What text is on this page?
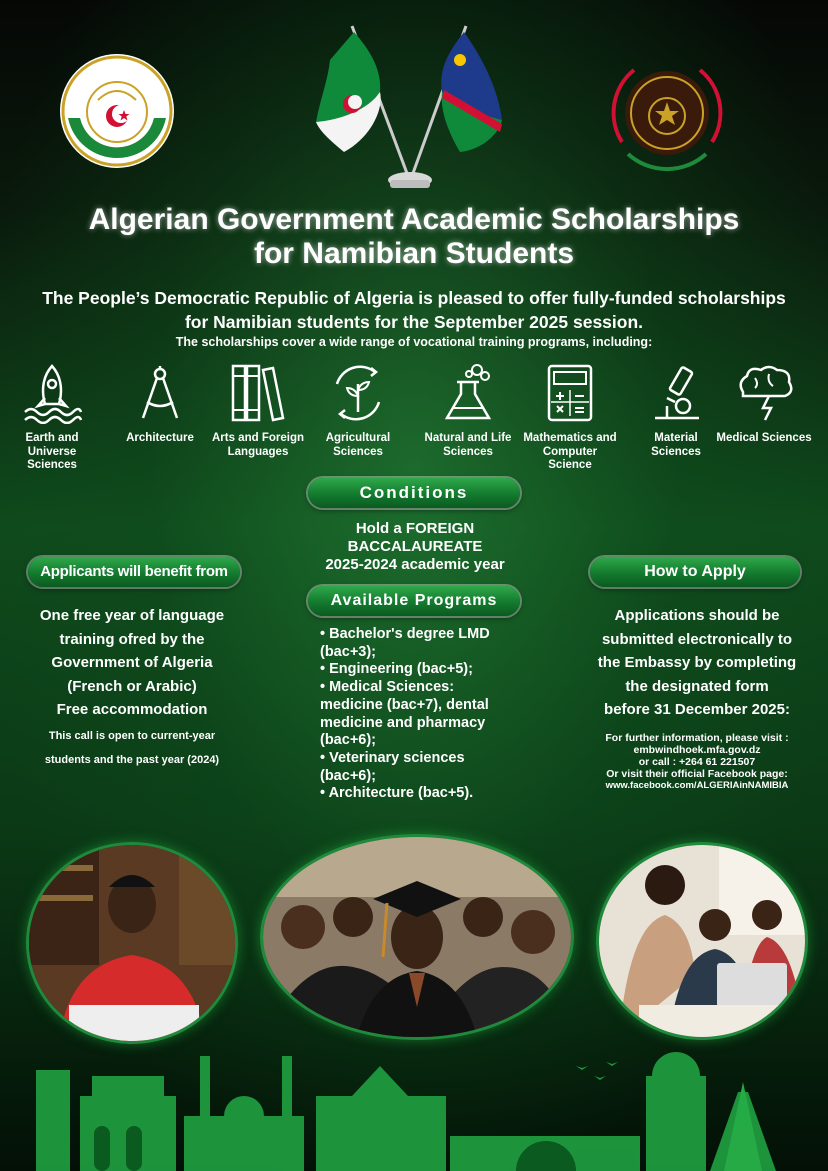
Algerian Government Academic Scholarships
for Namibian Students
The People’s Democratic Republic of Algeria is pleased to offer fully-funded scholarships
for Namibian students for the September 2025 session.
The scholarships cover a wide range of vocational training programs, including:
Earth and Universe Sciences
Architecture	Arts and Foreign Languages
Agricultural Sciences
Natural and Life Sciences
Mathematics and Computer Science
Material Sciences
Medical Sciences
Conditions
Hold a FOREIGN
BACCALAUREATE
2025-2024 academic year
Applicants will benefit from
One free year of language
training ofred by the
Government of Algeria
(French or Arabic)
Free accommodation
This call is open to current-year
students and the past year (2024)
Available Programs
• Bachelor's degree LMD
(bac+3);
• Engineering (bac+5);
• Medical Sciences:
medicine (bac+7), dental
medicine and pharmacy
(bac+6);
• Veterinary sciences
(bac+6);
• Architecture (bac+5).
How to Apply
Applications should be
submitted electronically to
the Embassy by completing
the designated form
before 31 December 2025:
For further information, please visit :
embwindhoek.mfa.gov.dz
or call : +264 61 221507
Or visit their official Facebook page:
www.facebook.com/ALGERIAinNAMIBIA
